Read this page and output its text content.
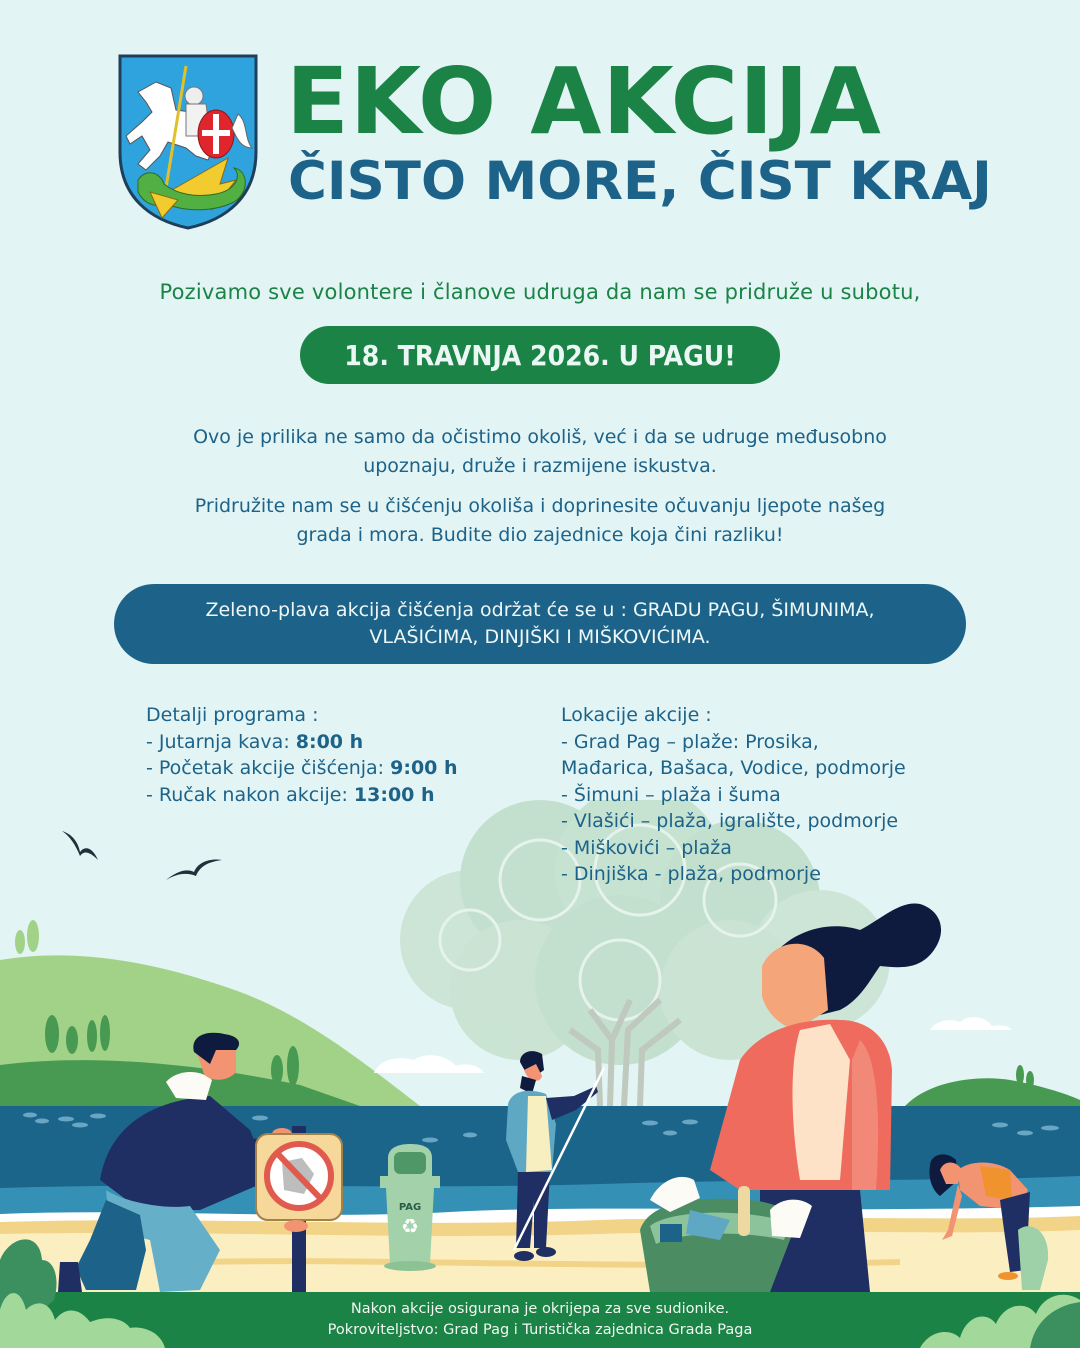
EKO AKCIJA
ČISTO MORE, ČIST KRAJ
Pozivamo sve volontere i članove udruga da nam se pridruže u subotu,
18. TRAVNJA 2026. U PAGU!
Ovo je prilika ne samo da očistimo okoliš, već i da se udruge međusobno
upoznaju, druže i razmijene iskustva.
Pridružite nam se u čišćenju okoliša i doprinesite očuvanju ljepote našeg
grada i mora. Budite dio zajednice koja čini razliku!
Zeleno-plava akcija čišćenja održat će se u : GRADU PAGU, ŠIMUNIMA,
VLAŠIĆIMA, DINJIŠKI I MIŠKOVIĆIMA.
PAG
♻
Detalji programa :
- Jutarnja kava: 8:00 h
- Početak akcije čišćenja: 9:00 h
- Ručak nakon akcije: 13:00 h
Lokacije akcije :
- Grad Pag – plaže: Prosika,
Mađarica, Bašaca, Vodice, podmorje
- Šimuni – plaža i šuma
- Vlašići – plaža, igralište, podmorje
- Miškovići – plaža
- Dinjiška - plaža, podmorje
Nakon akcije osigurana je okrijepa za sve sudionike.
Pokroviteljstvo: Grad Pag i Turistička zajednica Grada Paga
